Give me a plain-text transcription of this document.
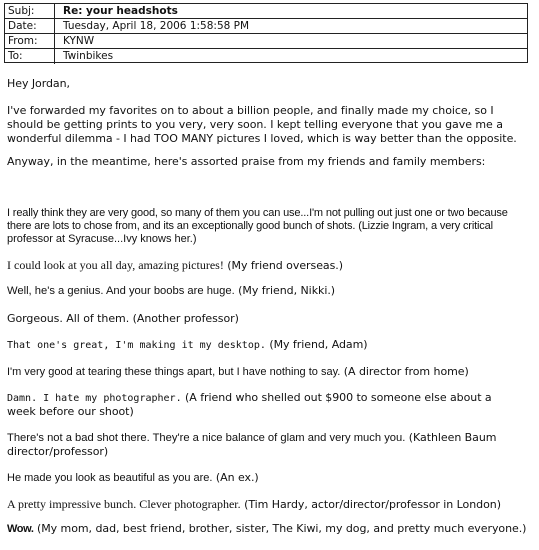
Subj:	Re: your headshots
Date:	Tuesday, April 18, 2006 1:58:58 PM
From:	KYNW
To:	Twinbikes
Hey Jordan,
I've forwarded my favorites on to about a billion people, and finally made my choice, so I
should be getting prints to you very, very soon. I kept telling everyone that you gave me a
wonderful dilemma - I had TOO MANY pictures I loved, which is way better than the opposite.
Anyway, in the meantime, here's assorted praise from my friends and family members:
I really think they are very good, so many of them you can use...I'm not pulling out just one or two because
there are lots to chose from, and its an exceptionally good bunch of shots. (Lizzie Ingram, a very critical
professor at Syracuse...Ivy knows her.)
I could look at you all day, amazing pictures! (My friend overseas.)
Well, he's a genius. And your boobs are huge. (My friend, Nikki.)
Gorgeous. All of them. (Another professor)
That one's great, I'm making it my desktop. (My friend, Adam)
I'm very good at tearing these things apart, but I have nothing to say. (A director from home)
Damn. I hate my photographer. (A friend who shelled out $900 to someone else about a
week before our shoot)
There's not a bad shot there. They're a nice balance of glam and very much you. (Kathleen Baum
director/professor)
He made you look as beautiful as you are. (An ex.)
A pretty impressive bunch. Clever photographer. (Tim Hardy, actor/director/professor in London)
Wow. (My mom, dad, best friend, brother, sister, The Kiwi, my dog, and pretty much everyone.)
